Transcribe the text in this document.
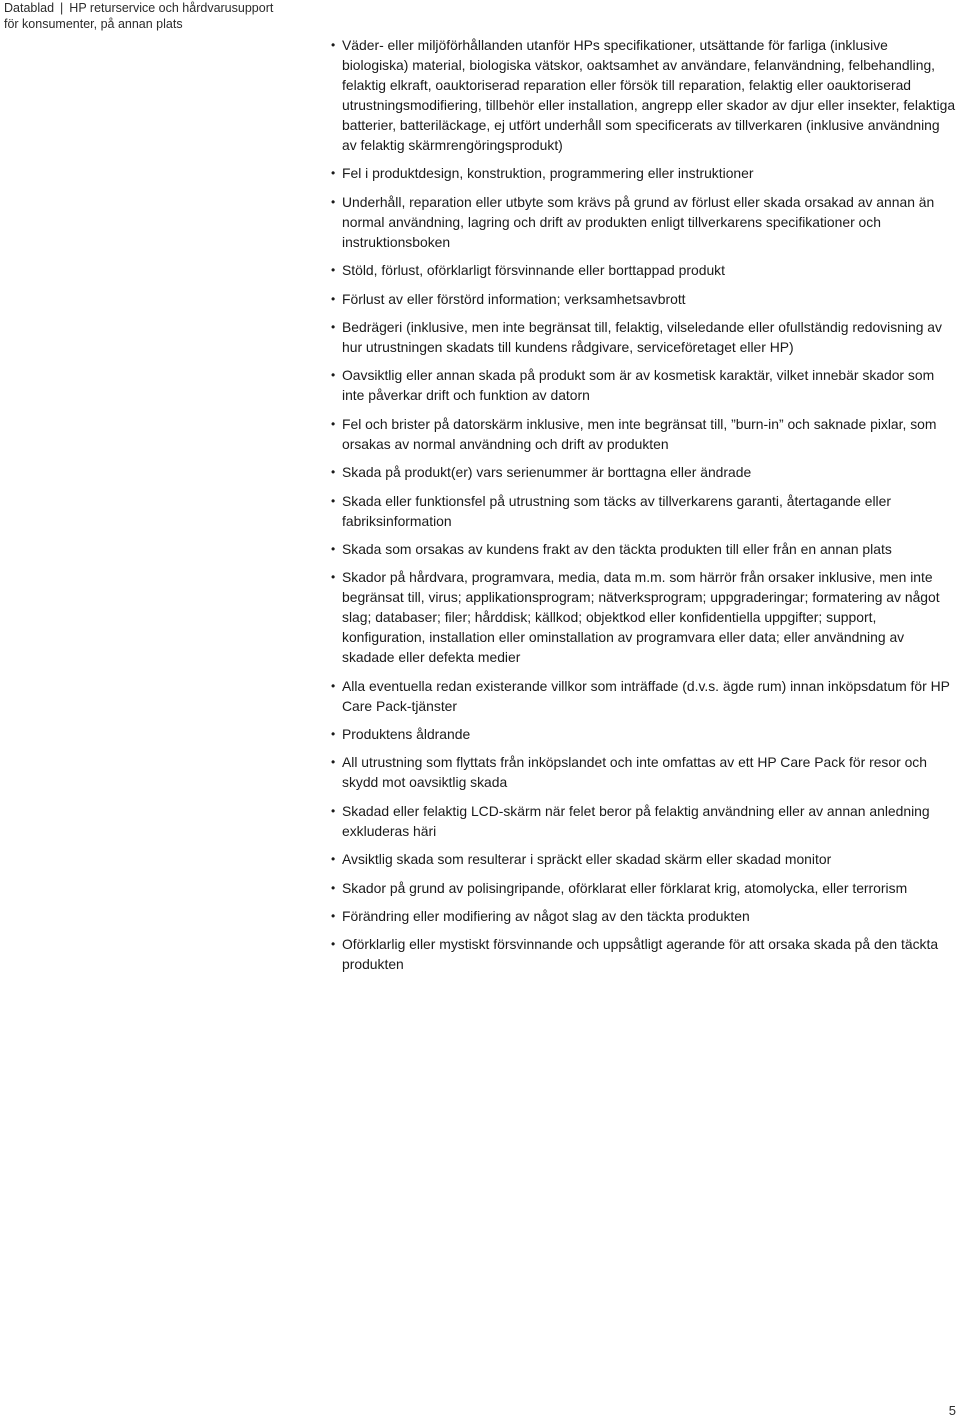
Datablad | HP returservice och hårdvarusupport
för konsumenter, på annan plats
• Väder- eller miljöförhållanden utanför HPs specifikationer, utsättande för farliga (inklusive biologiska) material, biologiska vätskor, oaktsamhet av användare, felanvändning, felbehandling, felaktig elkraft, oauktoriserad reparation eller försök till reparation, felaktig eller oauktoriserad utrustningsmodifiering, tillbehör eller installation, angrepp eller skador av djur eller insekter, felaktiga batterier, batteriläckage, ej utfört underhåll som specificerats av tillverkaren (inklusive användning av felaktig skärmrengöringsprodukt)
• Fel i produktdesign, konstruktion, programmering eller instruktioner
• Underhåll, reparation eller utbyte som krävs på grund av förlust eller skada orsakad av annan än normal användning, lagring och drift av produkten enligt tillverkarens specifikationer och instruktionsboken
• Stöld, förlust, oförklarligt försvinnande eller borttappad produkt
• Förlust av eller förstörd information; verksamhetsavbrott
• Bedrägeri (inklusive, men inte begränsat till, felaktig, vilseledande eller ofullständig redovisning av hur utrustningen skadats till kundens rådgivare, serviceföretaget eller HP)
• Oavsiktlig eller annan skada på produkt som är av kosmetisk karaktär, vilket innebär skador som inte påverkar drift och funktion av datorn
• Fel och brister på datorskärm inklusive, men inte begränsat till, ”burn-in” och saknade pixlar, som orsakas av normal användning och drift av produkten
• Skada på produkt(er) vars serienummer är borttagna eller ändrade
• Skada eller funktionsfel på utrustning som täcks av tillverkarens garanti, återtagande eller fabriksinformation
• Skada som orsakas av kundens frakt av den täckta produkten till eller från en annan plats
• Skador på hårdvara, programvara, media, data m.m. som härrör från orsaker inklusive, men inte begränsat till, virus; applikationsprogram; nätverksprogram; uppgraderingar; formatering av något slag; databaser; filer; hårddisk; källkod; objektkod eller konfidentiella uppgifter; support, konfiguration, installation eller ominstallation av programvara eller data; eller användning av skadade eller defekta medier
• Alla eventuella redan existerande villkor som inträffade (d.v.s. ägde rum) innan inköpsdatum för HP Care Pack-tjänster
• Produktens åldrande
• All utrustning som flyttats från inköpslandet och inte omfattas av ett HP Care Pack för resor och skydd mot oavsiktlig skada
• Skadad eller felaktig LCD-skärm när felet beror på felaktig användning eller av annan anledning exkluderas häri
• Avsiktlig skada som resulterar i spräckt eller skadad skärm eller skadad monitor
• Skador på grund av polisingripande, oförklarat eller förklarat krig, atomolycka, eller terrorism
• Förändring eller modifiering av något slag av den täckta produkten
• Oförklarlig eller mystiskt försvinnande och uppsåtligt agerande för att orsaka skada på den täckta produkten
5
